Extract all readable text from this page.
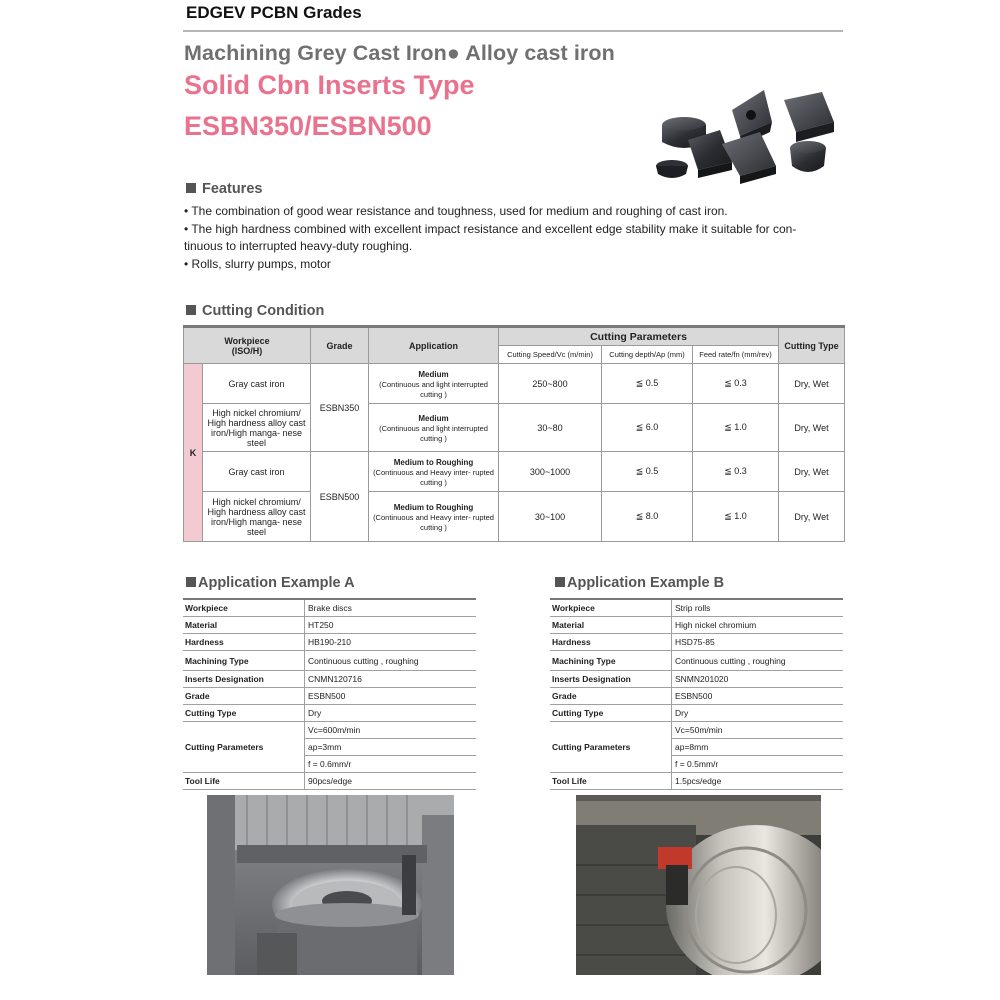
EDGEV PCBN Grades
Machining Grey Cast Iron● Alloy cast iron
Solid Cbn Inserts Type
ESBN350/ESBN500
Features
• The combination of good wear resistance and toughness, used for medium and roughing of cast iron.
• The high hardness combined with excellent impact resistance and excellent edge stability make it suitable for con-
tinuous to interrupted heavy-duty roughing.
• Rolls, slurry pumps, motor
Cutting Condition
Workpiece
(ISO/H)		Grade	Application	Cutting Parameters			Cutting Type
				Cutting Speed/Vc (m/min)	Cutting depth/Ap (mm)	Feed rate/fn (mm/rev)	
K	Gray cast iron	ESBN350	Medium
(Continuous and light interrupted cutting )	250~800	≦ 0.5	≦ 0.3	Dry, Wet
	High nickel chromium/ High hardness alloy cast iron/High manga- nese steel		Medium
(Continuous and light interrupted cutting )	30~80	≦ 6.0	≦ 1.0	Dry, Wet
	Gray cast iron	ESBN500	Medium to Roughing
(Continuous and Heavy inter- rupted cutting )	300~1000	≦ 0.5	≦ 0.3	Dry, Wet
	High nickel chromium/ High hardness alloy cast iron/High manga- nese steel		Medium to Roughing
(Continuous and Heavy inter- rupted cutting )	30~100	≦ 8.0	≦ 1.0	Dry, Wet
Application Example A
Workpiece	Brake discs
Material	HT250
Hardness	HB190-210
Machining Type	Continuous cutting , roughing
Inserts Designation	CNMN120716
Grade	ESBN500
Cutting Type	Dry
Cutting Parameters	Vc=600m/min
	ap=3mm
	f = 0.6mm/r
Tool Life	90pcs/edge
Application Example B
Workpiece	Strip rolls
Material	High nickel chromium
Hardness	HSD75-85
Machining Type	Continuous cutting , roughing
Inserts Designation	SNMN201020
Grade	ESBN500
Cutting Type	Dry
Cutting Parameters	Vc=50m/min
	ap=8mm
	f = 0.5mm/r
Tool Life	1.5pcs/edge
